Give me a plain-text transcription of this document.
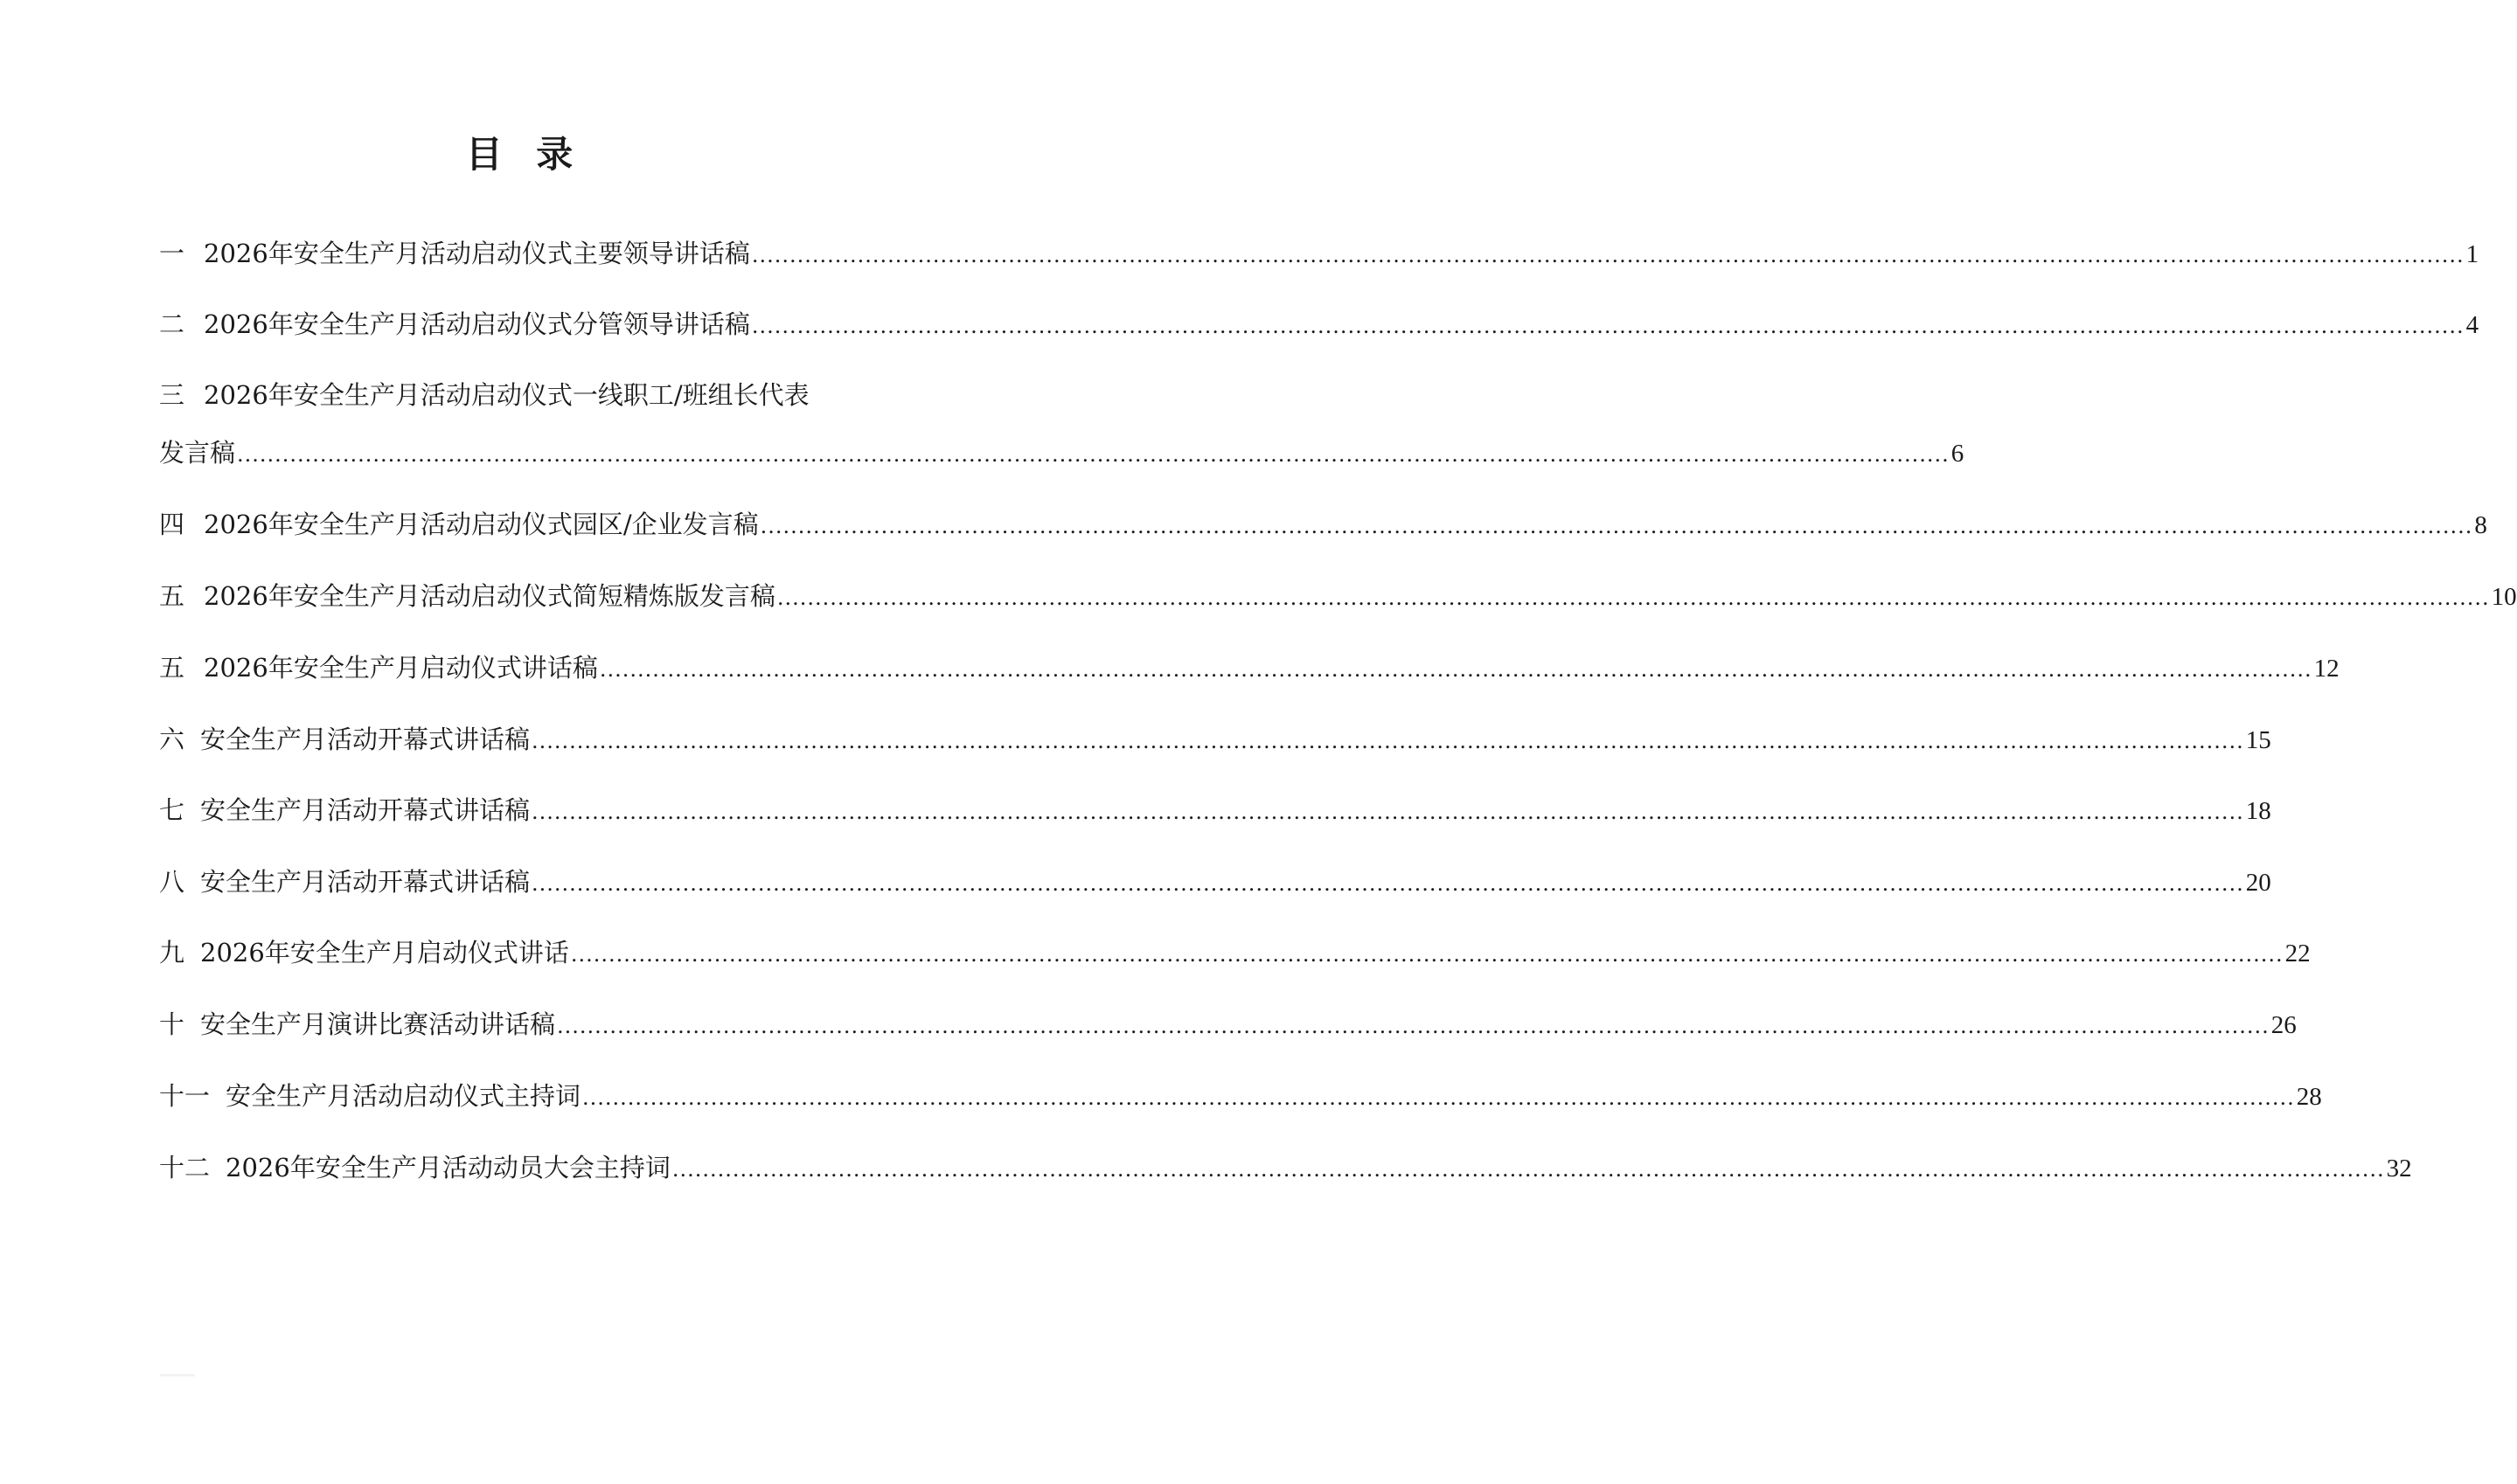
目 录
一 2026年安全生产月活动启动仪式主要领导讲话稿 .....	1
二 2026年安全生产月活动启动仪式分管领导讲话稿 .....	4
三 2026年安全生产月活动启动仪式一线职工/班组长代表
发言稿 .....	6
四 2026年安全生产月活动启动仪式园区/企业发言稿 .....	8
五 2026年安全生产月活动启动仪式简短精炼版发言稿 .....	10
五 2026年安全生产月启动仪式讲话稿 .....	12
六 安全生产月活动开幕式讲话稿 .....	15
七 安全生产月活动开幕式讲话稿 .....	18
八 安全生产月活动开幕式讲话稿 .....	20
九 2026年安全生产月启动仪式讲话 .....	22
十 安全生产月演讲比赛活动讲话稿 .....	26
十一 安全生产月活动启动仪式主持词 .....	28
十二 2026年安全生产月活动动员大会主持词 .....	32
